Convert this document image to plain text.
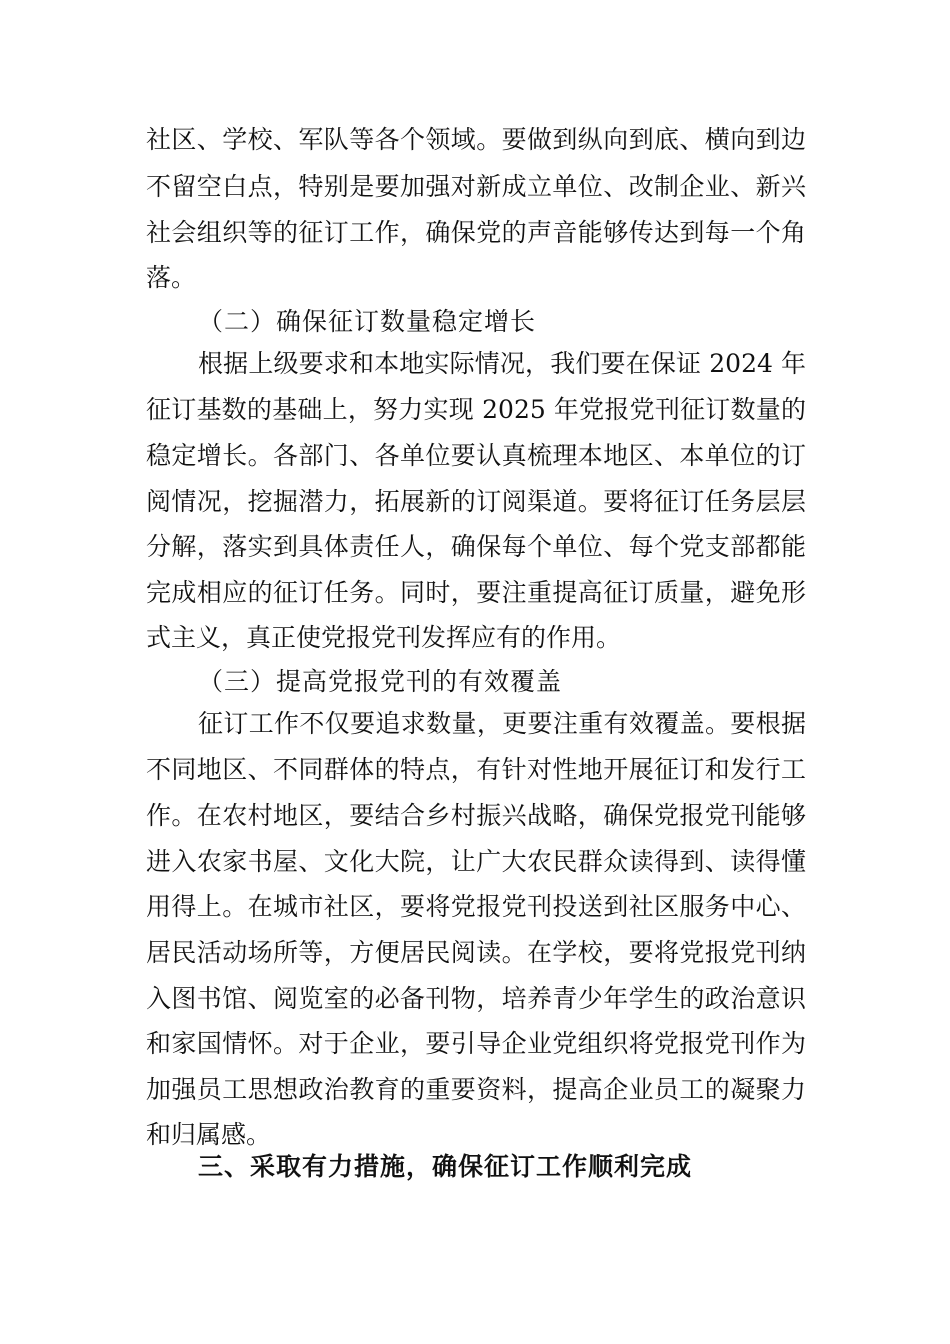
社区、学校、军队等各个领域。要做到纵向到底、横向到边
不留空白点，特别是要加强对新成立单位、改制企业、新兴
社会组织等的征订工作，确保党的声音能够传达到每一个角
落。
（二）确保征订数量稳定增长
根据上级要求和本地实际情况，我们要在保证 2024 年
征订基数的基础上，努力实现 2025 年党报党刊征订数量的
稳定增长。各部门、各单位要认真梳理本地区、本单位的订
阅情况，挖掘潜力，拓展新的订阅渠道。要将征订任务层层
分解，落实到具体责任人，确保每个单位、每个党支部都能
完成相应的征订任务。同时，要注重提高征订质量，避免形
式主义，真正使党报党刊发挥应有的作用。
（三）提高党报党刊的有效覆盖
征订工作不仅要追求数量，更要注重有效覆盖。要根据
不同地区、不同群体的特点，有针对性地开展征订和发行工
作。在农村地区，要结合乡村振兴战略，确保党报党刊能够
进入农家书屋、文化大院，让广大农民群众读得到、读得懂
用得上。在城市社区，要将党报党刊投送到社区服务中心、
居民活动场所等，方便居民阅读。在学校，要将党报党刊纳
入图书馆、阅览室的必备刊物，培养青少年学生的政治意识
和家国情怀。对于企业，要引导企业党组织将党报党刊作为
加强员工思想政治教育的重要资料，提高企业员工的凝聚力
和归属感。
三、采取有力措施，确保征订工作顺利完成
